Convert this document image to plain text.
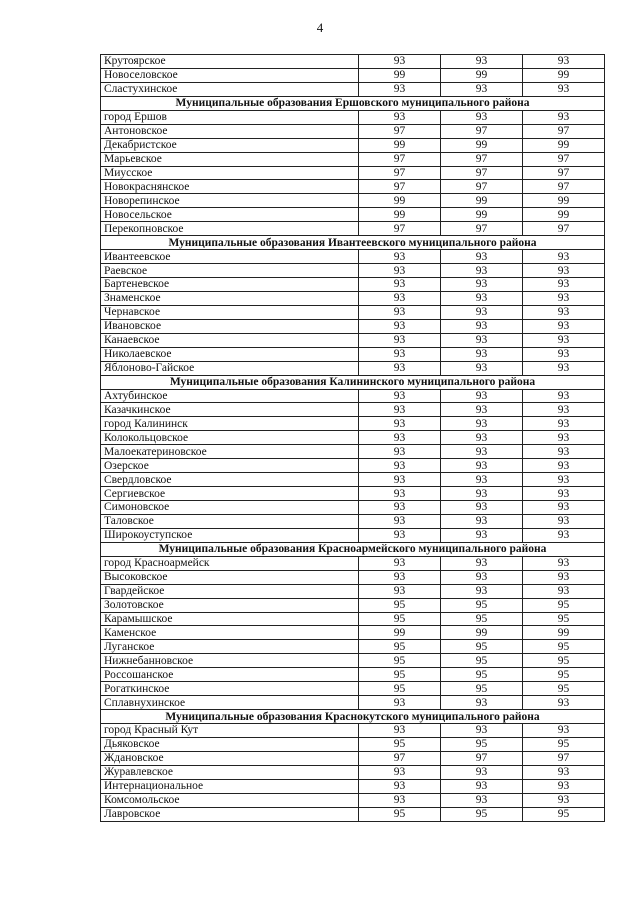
4
Крутоярское	93	93	93
Новоселовское	99	99	99
Сластухинское	93	93	93
Муниципальные образования Ершовского муниципального района			
город Ершов	93	93	93
Антоновское	97	97	97
Декабристское	99	99	99
Марьевское	97	97	97
Миусское	97	97	97
Новокраснянское	97	97	97
Новорепинское	99	99	99
Новосельское	99	99	99
Перекопновское	97	97	97
Муниципальные образования Ивантеевского муниципального района			
Ивантеевское	93	93	93
Раевское	93	93	93
Бартеневское	93	93	93
Знаменское	93	93	93
Чернавское	93	93	93
Ивановское	93	93	93
Канаевское	93	93	93
Николаевское	93	93	93
Яблоново-Гайское	93	93	93
Муниципальные образования Калининского муниципального района			
Ахтубинское	93	93	93
Казачкинское	93	93	93
город Калининск	93	93	93
Колокольцовское	93	93	93
Малоекатериновское	93	93	93
Озерское	93	93	93
Свердловское	93	93	93
Сергиевское	93	93	93
Симоновское	93	93	93
Таловское	93	93	93
Широкоуступское	93	93	93
Муниципальные образования Красноармейского муниципального района			
город Красноармейск	93	93	93
Высоковское	93	93	93
Гвардейское	93	93	93
Золотовское	95	95	95
Карамышское	95	95	95
Каменское	99	99	99
Луганское	95	95	95
Нижнебанновское	95	95	95
Россошанское	95	95	95
Рогаткинское	95	95	95
Сплавнухинское	93	93	93
Муниципальные образования Краснокутского муниципального района			
город Красный Кут	93	93	93
Дьяковское	95	95	95
Ждановское	97	97	97
Журавлевское	93	93	93
Интернациональное	93	93	93
Комсомольское	93	93	93
Лавровское	95	95	95
